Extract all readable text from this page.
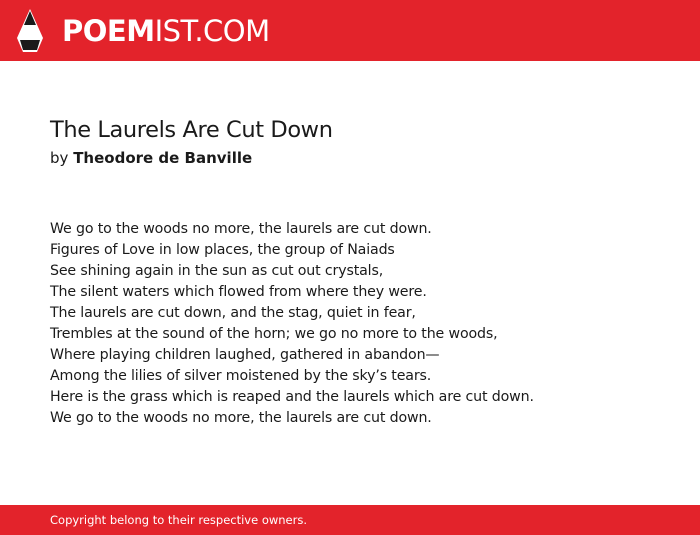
POEMIST.COM
The Laurels Are Cut Down
by Theodore de Banville
We go to the woods no more, the laurels are cut down.
Figures of Love in low places, the group of Naiads
See shining again in the sun as cut out crystals,
The silent waters which flowed from where they were.
The laurels are cut down, and the stag, quiet in fear,
Trembles at the sound of the horn; we go no more to the woods,
Where playing children laughed, gathered in abandon—
Among the lilies of silver moistened by the sky’s tears.
Here is the grass which is reaped and the laurels which are cut down.
We go to the woods no more, the laurels are cut down.
Copyright belong to their respective owners.
